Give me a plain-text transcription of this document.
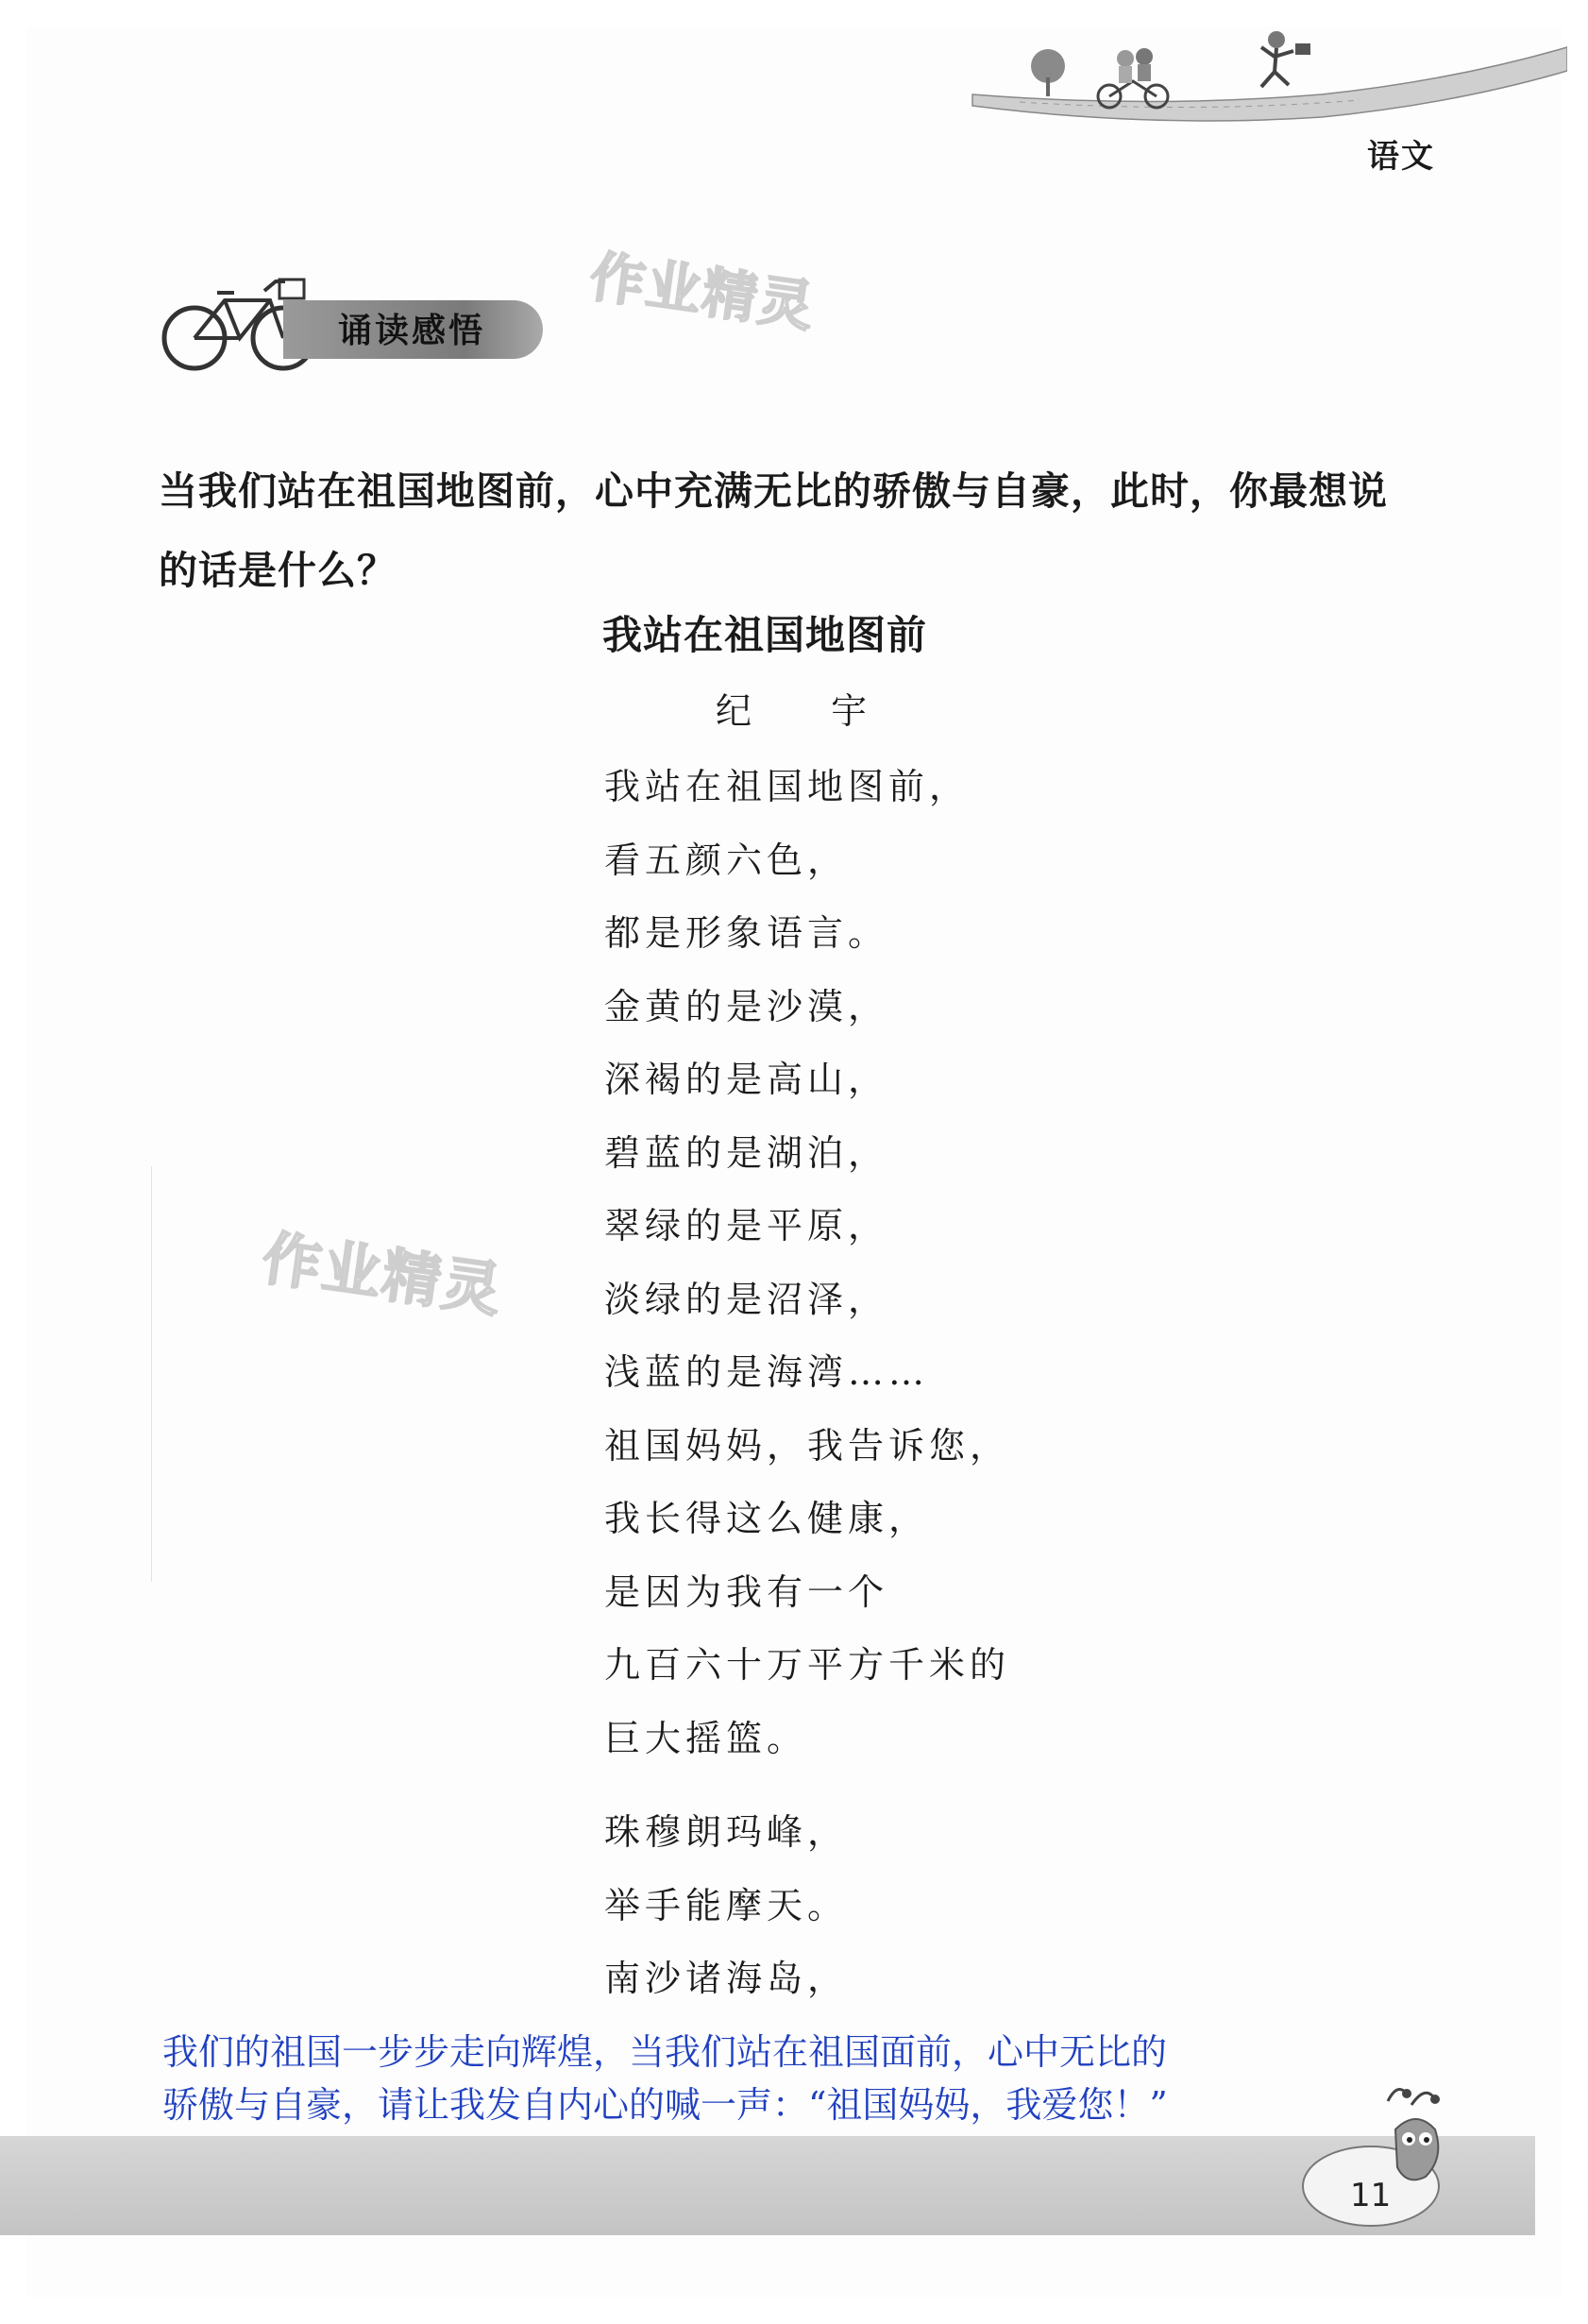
语文
诵读感悟 作业精灵
作业精灵
当我们站在祖国地图前，心中充满无比的骄傲与自豪，此时，你最想说的话是什么？
我站在祖国地图前
纪 宇
我站在祖国地图前，
看五颜六色，
都是形象语言。
金黄的是沙漠，
深褐的是高山，
碧蓝的是湖泊，
翠绿的是平原，
淡绿的是沼泽，
浅蓝的是海湾……
祖国妈妈，我告诉您，
我长得这么健康，
是因为我有一个
九百六十万平方千米的
巨大摇篮。
珠穆朗玛峰，
举手能摩天。
南沙诸海岛，
我们的祖国一步步走向辉煌，当我们站在祖国面前，心中无比的
骄傲与自豪，请让我发自内心的喊一声：“祖国妈妈，我爱您！”
11
